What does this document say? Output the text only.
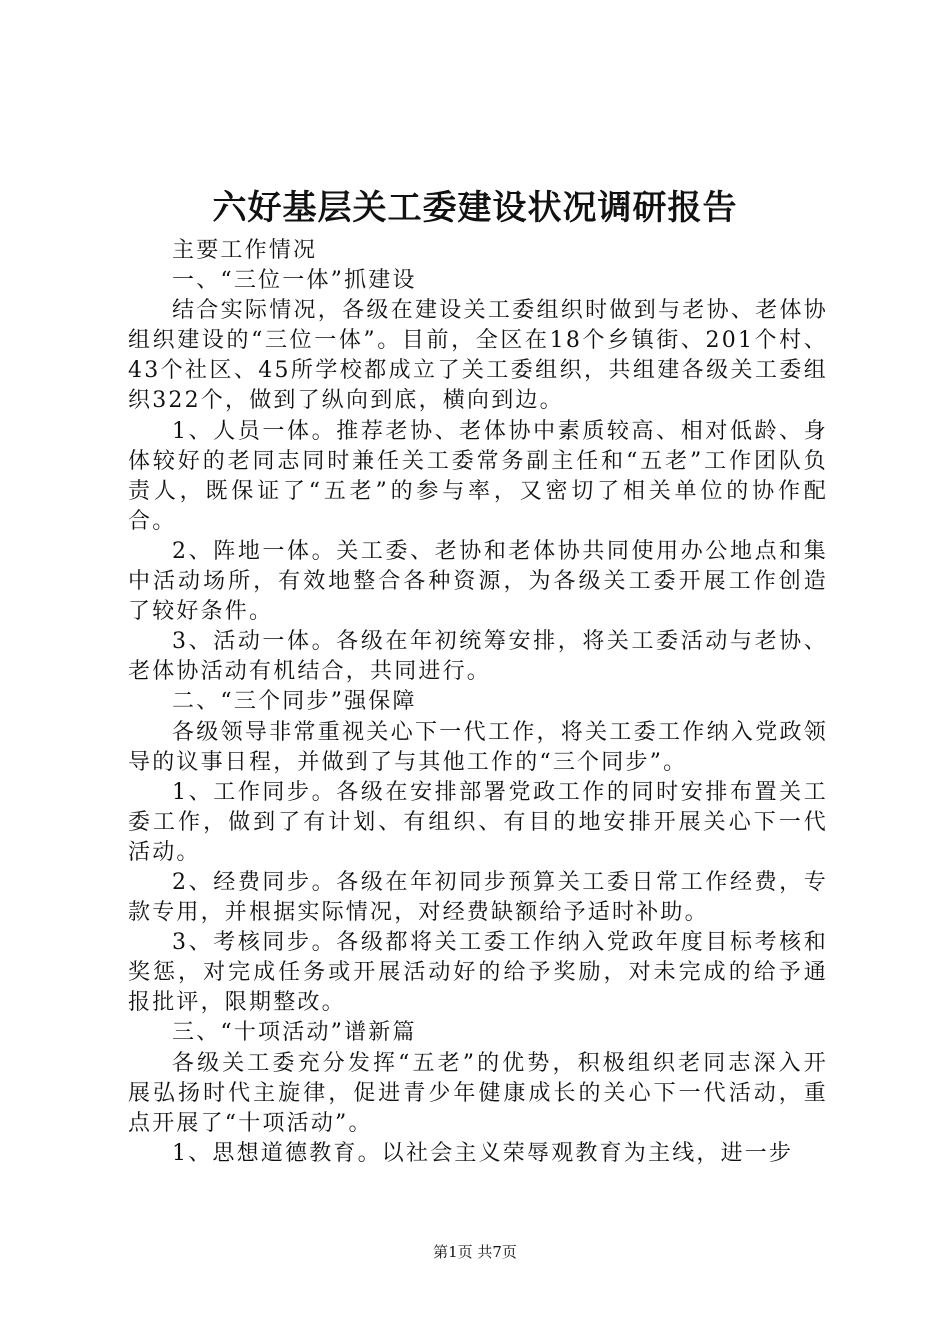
六好基层关工委建设状况调研报告

主要工作情况

一、“三位一体”抓建设

结合实际情况，各级在建设关工委组织时做到与老协、老体协组织建设的“三位一体”。目前，全区在18个乡镇街、201个村、43个社区、45所学校都成立了关工委组织，共组建各级关工委组织322个，做到了纵向到底，横向到边。

1、人员一体。推荐老协、老体协中素质较高、相对低龄、身体较好的老同志同时兼任关工委常务副主任和“五老”工作团队负责人，既保证了“五老”的参与率，又密切了相关单位的协作配合。

2、阵地一体。关工委、老协和老体协共同使用办公地点和集中活动场所，有效地整合各种资源，为各级关工委开展工作创造了较好条件。

3、活动一体。各级在年初统筹安排，将关工委活动与老协、老体协活动有机结合，共同进行。

二、“三个同步”强保障

各级领导非常重视关心下一代工作，将关工委工作纳入党政领导的议事日程，并做到了与其他工作的“三个同步”。

1、工作同步。各级在安排部署党政工作的同时安排布置关工委工作，做到了有计划、有组织、有目的地安排开展关心下一代活动。

2、经费同步。各级在年初同步预算关工委日常工作经费，专款专用，并根据实际情况，对经费缺额给予适时补助。

3、考核同步。各级都将关工委工作纳入党政年度目标考核和奖惩，对完成任务或开展活动好的给予奖励，对未完成的给予通报批评，限期整改。

三、“十项活动”谱新篇

各级关工委充分发挥“五老”的优势，积极组织老同志深入开展弘扬时代主旋律，促进青少年健康成长的关心下一代活动，重点开展了“十项活动”。

1、思想道德教育。以社会主义荣辱观教育为主线，进一步

第1页 共7页
